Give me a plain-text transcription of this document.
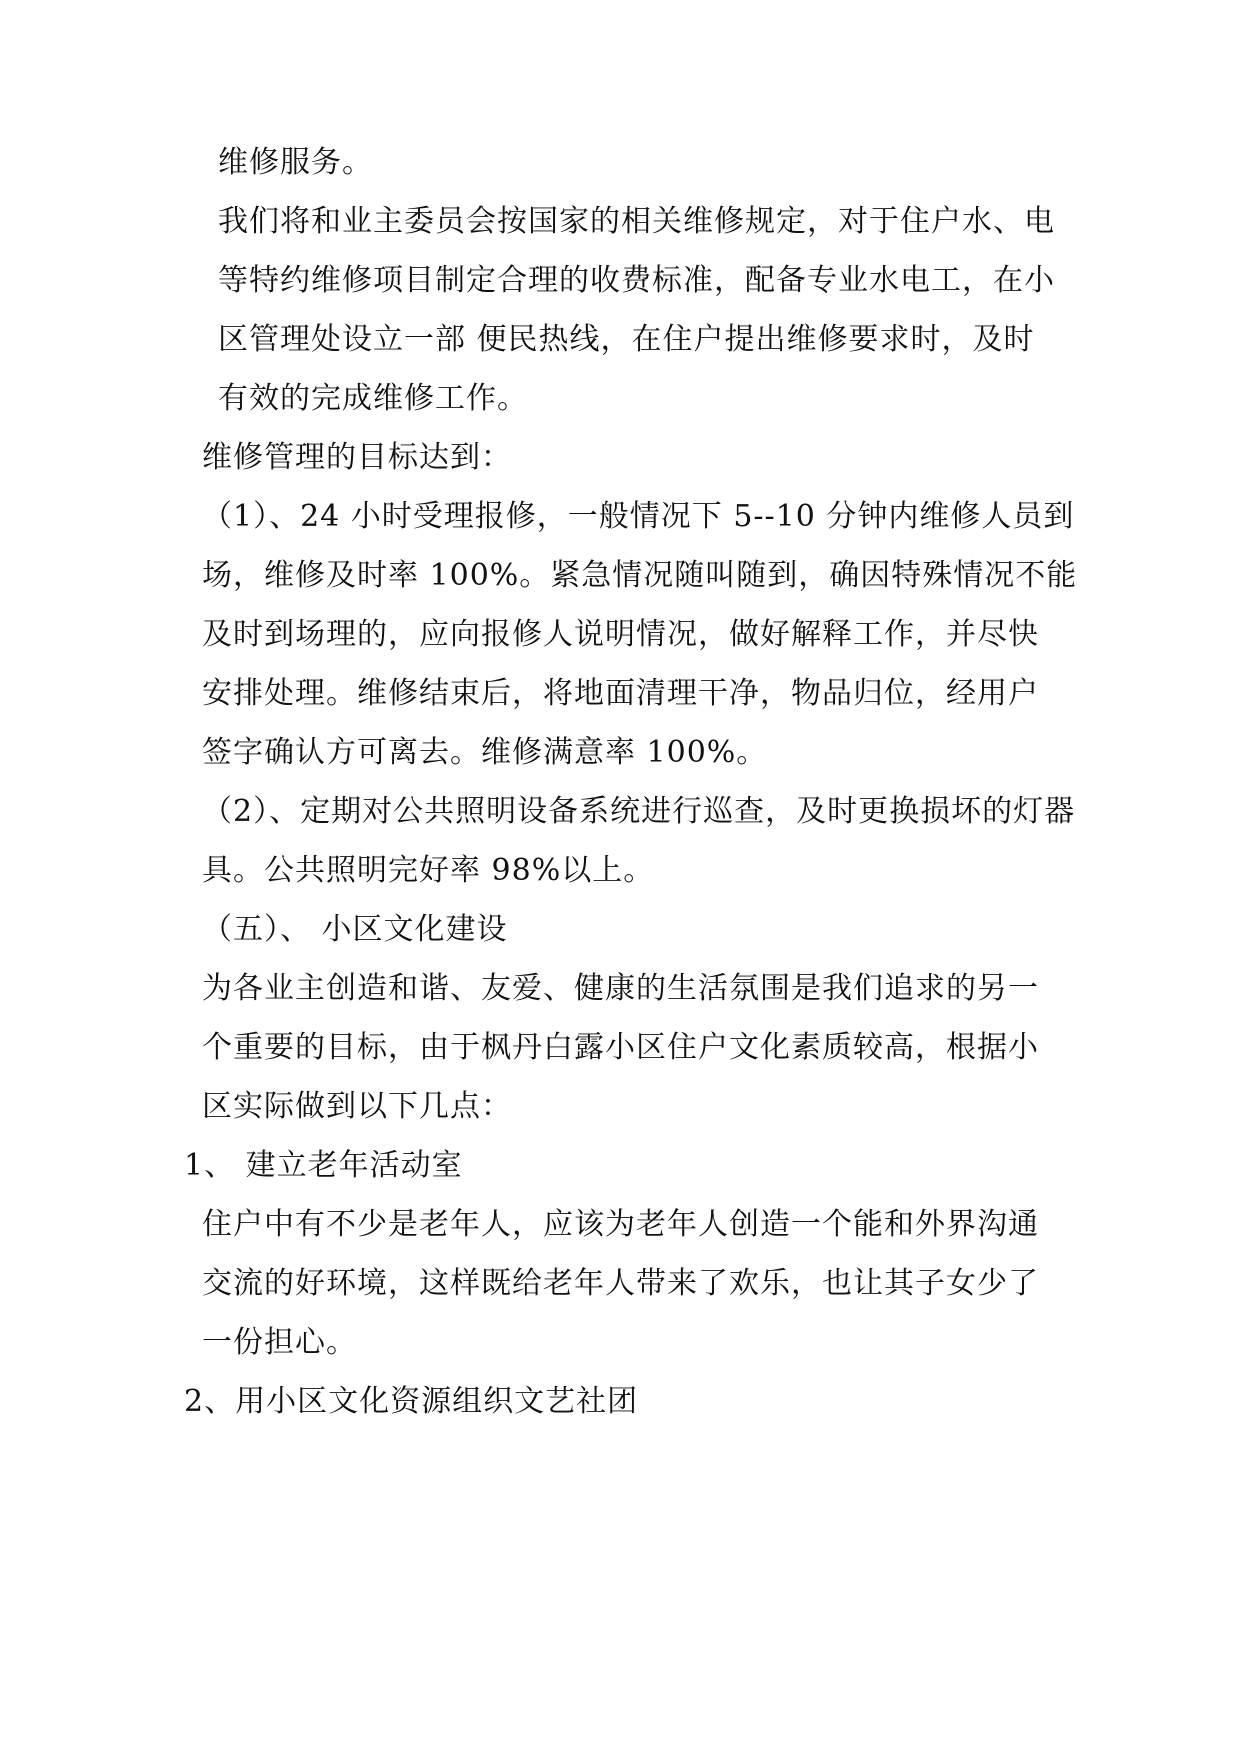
维修服务。
我们将和业主委员会按国家的相关维修规定，对于住户水、电
等特约维修项目制定合理的收费标准，配备专业水电工，在小
区管理处设立一部 便民热线，在住户提出维修要求时，及时
有效的完成维修工作。
维修管理的目标达到：
（1）、24 小时受理报修，一般情况下 5--10 分钟内维修人员到
场，维修及时率 100%。紧急情况随叫随到，确因特殊情况不能
及时到场理的，应向报修人说明情况，做好解释工作，并尽快
安排处理。维修结束后，将地面清理干净，物品归位，经用户
签字确认方可离去。维修满意率 100%。
（2）、定期对公共照明设备系统进行巡查，及时更换损坏的灯器
具。公共照明完好率 98%以上。
（五）、 小区文化建设
为各业主创造和谐、友爱、健康的生活氛围是我们追求的另一
个重要的目标，由于枫丹白露小区住户文化素质较高，根据小
区实际做到以下几点：
1、 建立老年活动室
住户中有不少是老年人，应该为老年人创造一个能和外界沟通
交流的好环境，这样既给老年人带来了欢乐，也让其子女少了
一份担心。
2、用小区文化资源组织文艺社团
